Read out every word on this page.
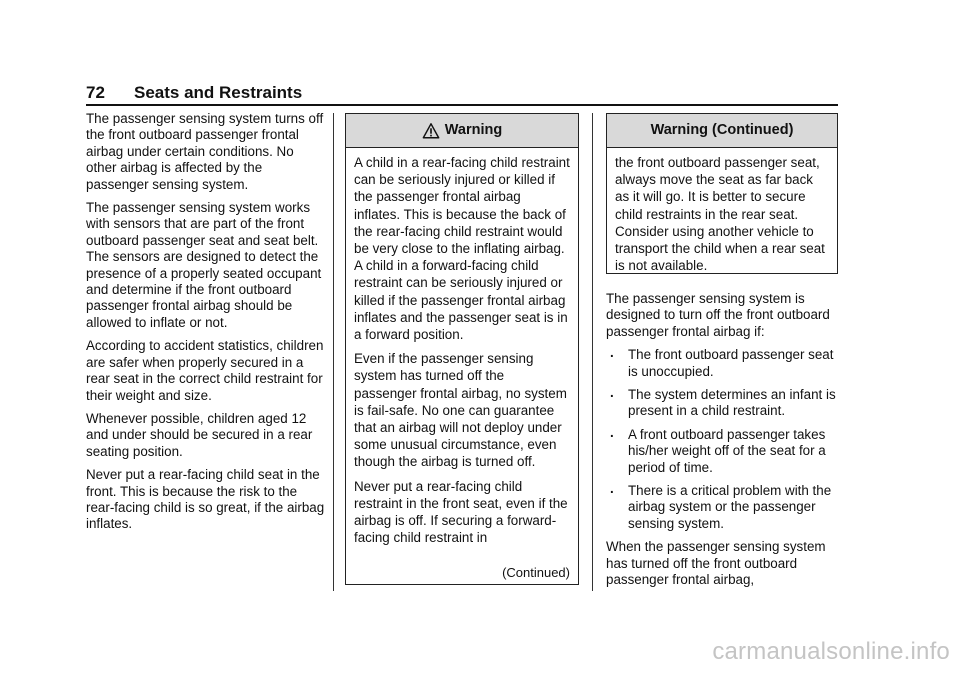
72 Seats and Restraints

The passenger sensing system turns off the front outboard passenger frontal airbag under certain conditions. No other airbag is affected by the passenger sensing system.

The passenger sensing system works with sensors that are part of the front outboard passenger seat and seat belt. The sensors are designed to detect the presence of a properly seated occupant and determine if the front outboard passenger frontal airbag should be allowed to inflate or not.

According to accident statistics, children are safer when properly secured in a rear seat in the correct child restraint for their weight and size.

Whenever possible, children aged 12 and under should be secured in a rear seating position.

Never put a rear-facing child seat in the front. This is because the risk to the rear-facing child is so great, if the airbag inflates.

Warning

A child in a rear-facing child restraint can be seriously injured or killed if the passenger frontal airbag inflates. This is because the back of the rear-facing child restraint would be very close to the inflating airbag. A child in a forward-facing child restraint can be seriously injured or killed if the passenger frontal airbag inflates and the passenger seat is in a forward position.

Even if the passenger sensing system has turned off the passenger frontal airbag, no system is fail-safe. No one can guarantee that an airbag will not deploy under some unusual circumstance, even though the airbag is turned off.

Never put a rear-facing child restraint in the front seat, even if the airbag is off. If securing a forward-facing child restraint in

(Continued)
Warning (Continued)

the front outboard passenger seat, always move the seat as far back as it will go. It is better to secure child restraints in the rear seat. Consider using another vehicle to transport the child when a rear seat is not available.

The passenger sensing system is designed to turn off the front outboard passenger frontal airbag if:

. The front outboard passenger seat is unoccupied.
. The system determines an infant is present in a child restraint.
. A front outboard passenger takes his/her weight off of the seat for a period of time.
. There is a critical problem with the airbag system or the passenger sensing system.

When the passenger sensing system has turned off the front outboard passenger frontal airbag,

carmanualsonline.info
